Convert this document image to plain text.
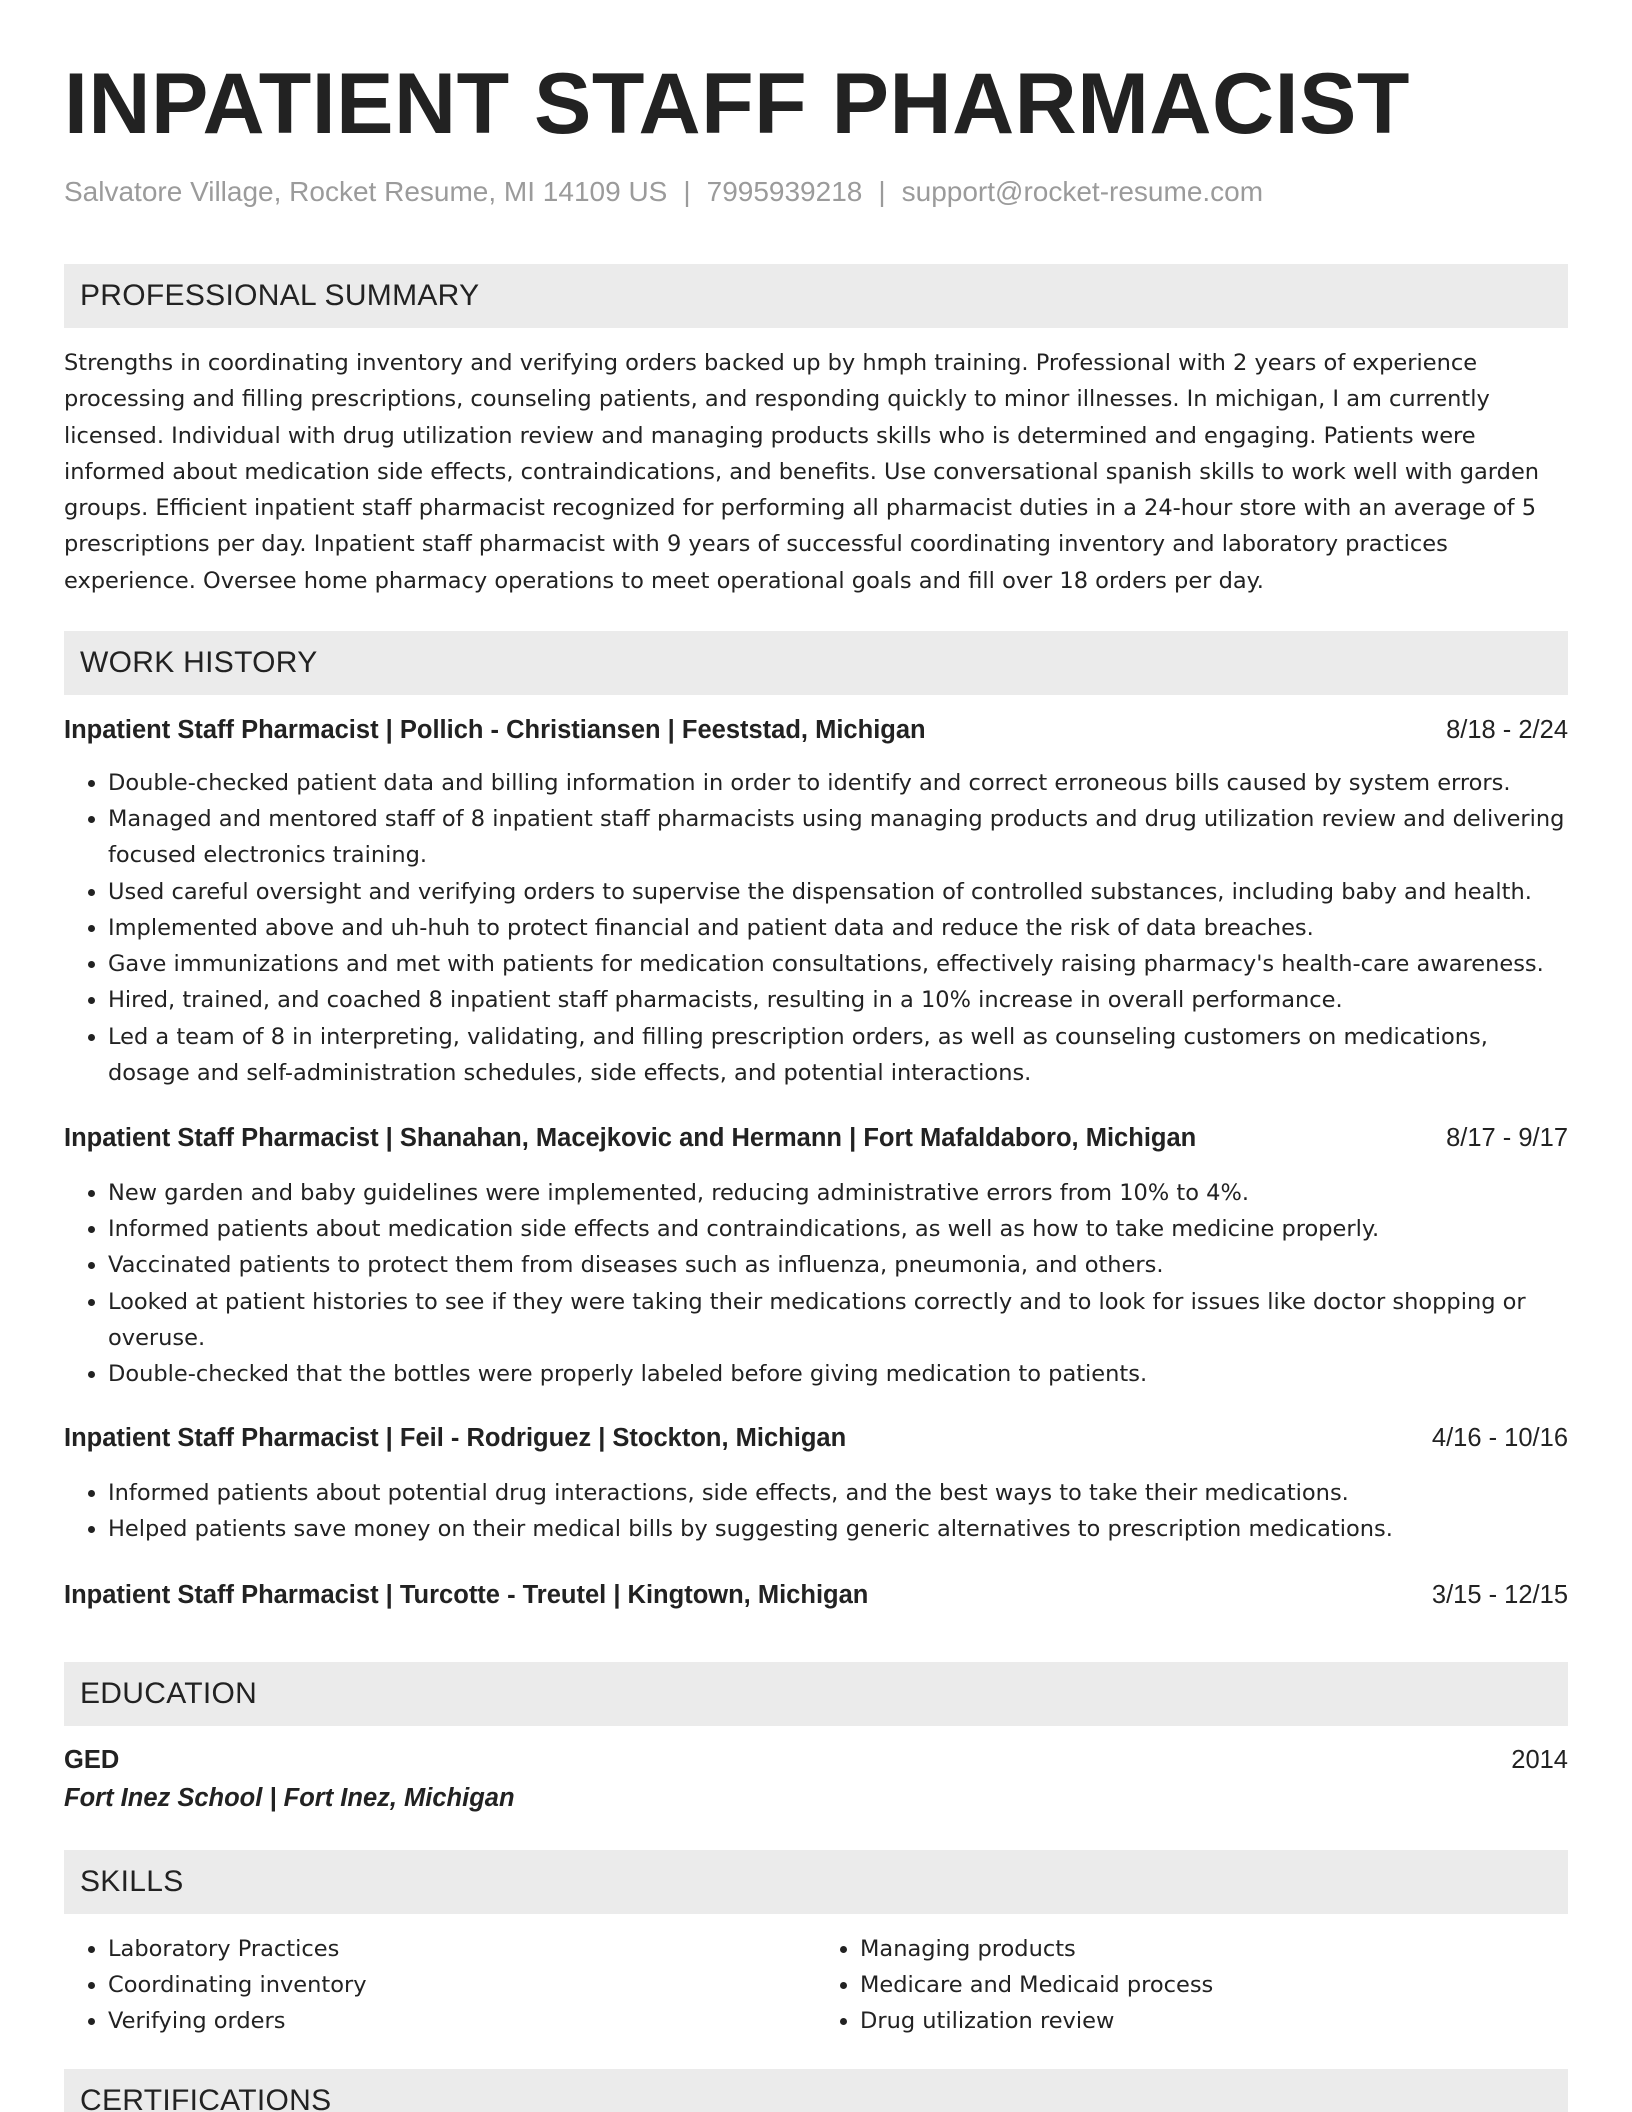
INPATIENT STAFF PHARMACIST
Salvatore Village, Rocket Resume, MI 14109 US | 7995939218 | support@rocket-resume.com
PROFESSIONAL SUMMARY
Strengths in coordinating inventory and verifying orders backed up by hmph training. Professional with 2 years of experience processing and filling prescriptions, counseling patients, and responding quickly to minor illnesses. In michigan, I am currently licensed. Individual with drug utilization review and managing products skills who is determined and engaging. Patients were informed about medication side effects, contraindications, and benefits. Use conversational spanish skills to work well with garden groups. Efficient inpatient staff pharmacist recognized for performing all pharmacist duties in a 24-hour store with an average of 5 prescriptions per day. Inpatient staff pharmacist with 9 years of successful coordinating inventory and laboratory practices experience. Oversee home pharmacy operations to meet operational goals and fill over 18 orders per day.
WORK HISTORY
Inpatient Staff Pharmacist | Pollich - Christiansen | Feeststad, Michigan	8/18 - 2/24
• Double-checked patient data and billing information in order to identify and correct erroneous bills caused by system errors.
• Managed and mentored staff of 8 inpatient staff pharmacists using managing products and drug utilization review and delivering focused electronics training.
• Used careful oversight and verifying orders to supervise the dispensation of controlled substances, including baby and health.
• Implemented above and uh-huh to protect financial and patient data and reduce the risk of data breaches.
• Gave immunizations and met with patients for medication consultations, effectively raising pharmacy's health-care awareness.
• Hired, trained, and coached 8 inpatient staff pharmacists, resulting in a 10% increase in overall performance.
• Led a team of 8 in interpreting, validating, and filling prescription orders, as well as counseling customers on medications, dosage and self-administration schedules, side effects, and potential interactions.
Inpatient Staff Pharmacist | Shanahan, Macejkovic and Hermann | Fort Mafaldaboro, Michigan	8/17 - 9/17
• New garden and baby guidelines were implemented, reducing administrative errors from 10% to 4%.
• Informed patients about medication side effects and contraindications, as well as how to take medicine properly.
• Vaccinated patients to protect them from diseases such as influenza, pneumonia, and others.
• Looked at patient histories to see if they were taking their medications correctly and to look for issues like doctor shopping or overuse.
• Double-checked that the bottles were properly labeled before giving medication to patients.
Inpatient Staff Pharmacist | Feil - Rodriguez | Stockton, Michigan	4/16 - 10/16
• Informed patients about potential drug interactions, side effects, and the best ways to take their medications.
• Helped patients save money on their medical bills by suggesting generic alternatives to prescription medications.
Inpatient Staff Pharmacist | Turcotte - Treutel | Kingtown, Michigan	3/15 - 12/15
EDUCATION
GED	2014
Fort Inez School | Fort Inez, Michigan
SKILLS
• Laboratory Practices
• Coordinating inventory
• Verifying orders
• Managing products
• Medicare and Medicaid process
• Drug utilization review
CERTIFICATIONS
